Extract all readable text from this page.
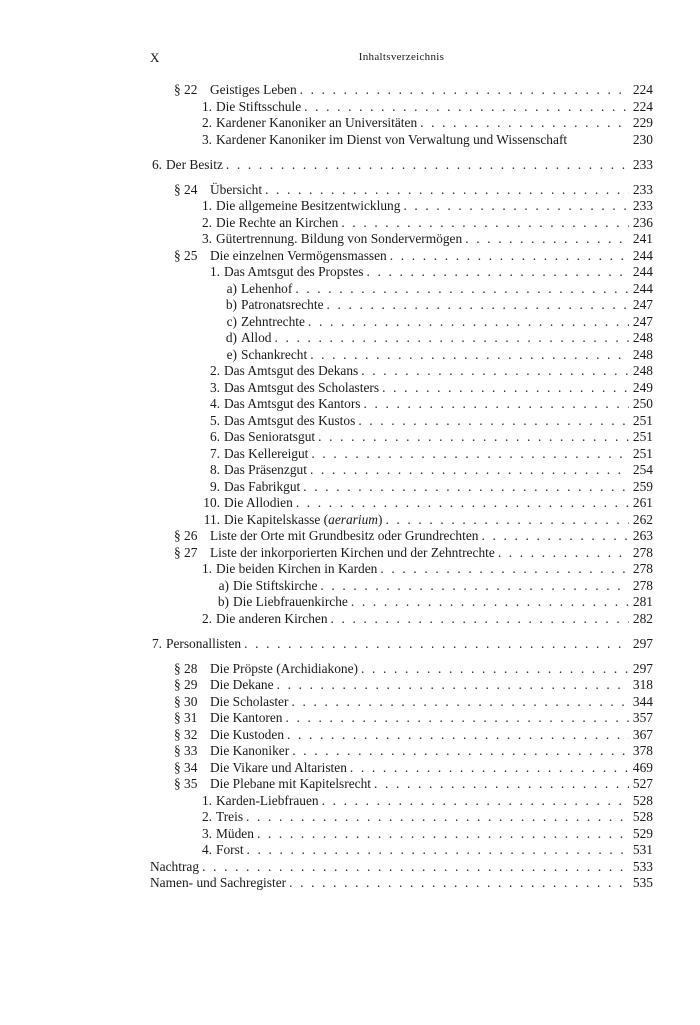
X	Inhaltsverzeichnis
§ 22 Geistiges Leben . . .	224
1. Die Stiftsschule . . .	224
2. Kardener Kanoniker an Universitäten . . .	229
3. Kardener Kanoniker im Dienst von Verwaltung und Wissenschaft	230
6. Der Besitz . . .	233
§ 24 Übersicht . . .	233
1. Die allgemeine Besitzentwicklung . . .	233
2. Die Rechte an Kirchen . . .	236
3. Gütertrennung. Bildung von Sondervermögen . . .	241
§ 25 Die einzelnen Vermögensmassen . . .	244
1. Das Amtsgut des Propstes . . .	244
a) Lehenhof . . .	244
b) Patronatsrechte . . .	247
c) Zehntrechte . . .	247
d) Allod . . .	248
e) Schankrecht . . .	248
2. Das Amtsgut des Dekans . . .	248
3. Das Amtsgut des Scholasters . . .	249
4. Das Amtsgut des Kantors . . .	250
5. Das Amtsgut des Kustos . . .	251
6. Das Senioratsgut . . .	251
7. Das Kellereigut . . .	251
8. Das Präsenzgut . . .	254
9. Das Fabrikgut . . .	259
10. Die Allodien . . .	261
11. Die Kapitelskasse (aerarium) . . .	262
§ 26 Liste der Orte mit Grundbesitz oder Grundrechten . . .	263
§ 27 Liste der inkorporierten Kirchen und der Zehntrechte . . .	278
1. Die beiden Kirchen in Karden . . .	278
a) Die Stiftskirche . . .	278
b) Die Liebfrauenkirche . . .	281
2. Die anderen Kirchen . . .	282
7. Personallisten . . .	297
§ 28 Die Pröpste (Archidiakone) . . .	297
§ 29 Die Dekane . . .	318
§ 30 Die Scholaster . . .	344
§ 31 Die Kantoren . . .	357
§ 32 Die Kustoden . . .	367
§ 33 Die Kanoniker . . .	378
§ 34 Die Vikare und Altaristen . . .	469
§ 35 Die Plebane mit Kapitelsrecht . . .	527
1. Karden-Liebfrauen . . .	528
2. Treis . . .	528
3. Müden . . .	529
4. Forst . . .	531
Nachtrag . . .	533
Namen- und Sachregister . . .	535
